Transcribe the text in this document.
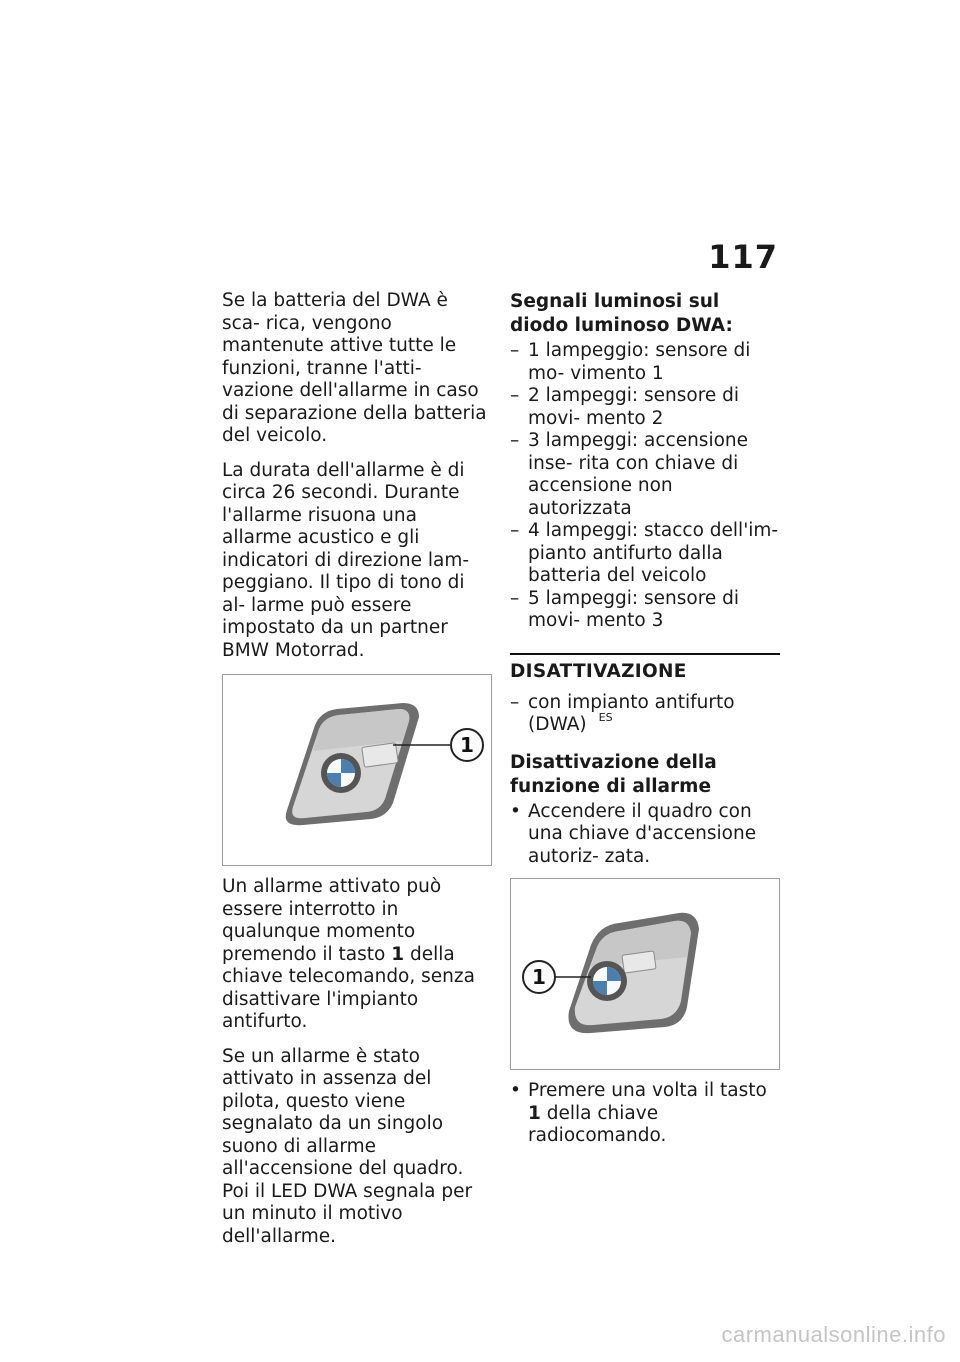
117

Se la batteria del DWA è sca- rica, vengono mantenute attive tutte le funzioni, tranne l'atti- vazione dell'allarme in caso di separazione della batteria del veicolo.

La durata dell'allarme è di circa 26 secondi. Durante l'allarme risuona una allarme acustico e gli indicatori di direzione lam- peggiano. Il tipo di tono di al- larme può essere impostato da un partner BMW Motorrad.

1

Un allarme attivato può essere interrotto in qualunque momento premendo il tasto 1 della chiave telecomando, senza disattivare l'impianto antifurto.

Se un allarme è stato attivato in assenza del pilota, questo viene segnalato da un singolo suono di allarme all'accensione del quadro. Poi il LED DWA segnala per un minuto il motivo dell'allarme.

Segnali luminosi sul diodo luminoso DWA:
– 1 lampeggio: sensore di mo- vimento 1
– 2 lampeggi: sensore di movi- mento 2
– 3 lampeggi: accensione inse- rita con chiave di accensione non autorizzata
– 4 lampeggi: stacco dell'im- pianto antifurto dalla batteria del veicolo
– 5 lampeggi: sensore di movi- mento 3
DISATTIVAZIONE
– con impianto antifurto (DWA) $^{ES}$
Disattivazione della funzione di allarme
• Accendere il quadro con una chiave d'accensione autoriz- zata.
1
• Premere una volta il tasto 1 della chiave radiocomando.
carmanualsonline.info
